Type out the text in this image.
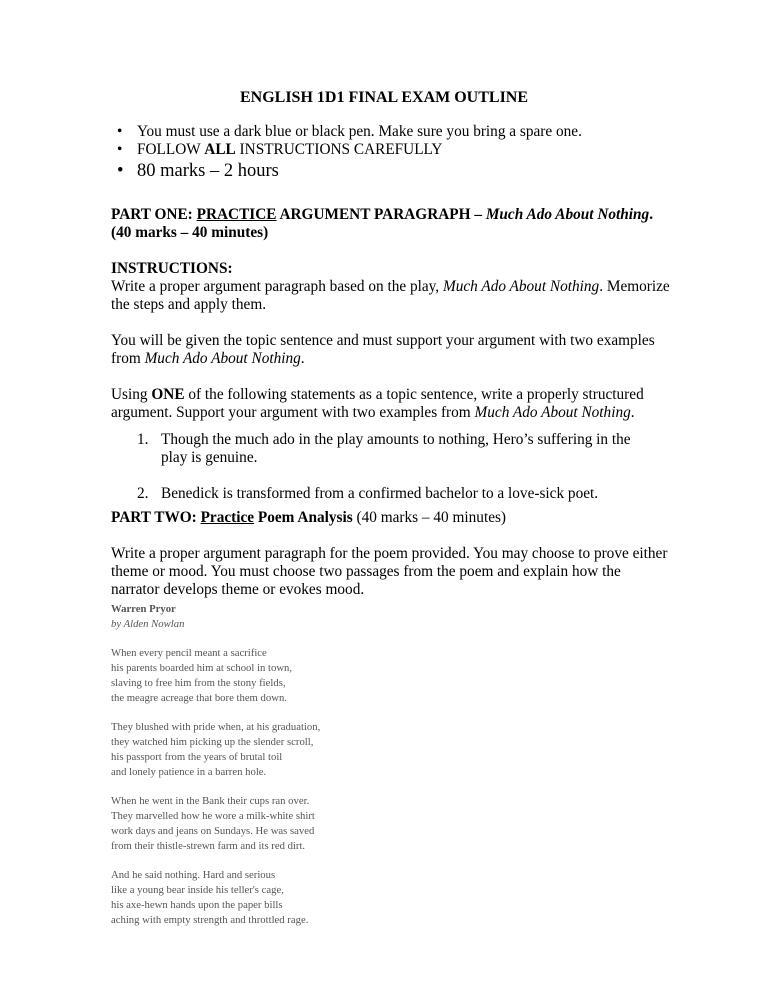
ENGLISH 1D1 FINAL EXAM OUTLINE
• You must use a dark blue or black pen. Make sure you bring a spare one.
• FOLLOW ALL INSTRUCTIONS CAREFULLY
• 80 marks – 2 hours
PART ONE: PRACTICE ARGUMENT PARAGRAPH – Much Ado About Nothing. (40 marks – 40 minutes)

INSTRUCTIONS:

Write a proper argument paragraph based on the play, Much Ado About Nothing. Memorize the steps and apply them.

You will be given the topic sentence and must support your argument with two examples from Much Ado About Nothing.

Using ONE of the following statements as a topic sentence, write a properly structured argument. Support your argument with two examples from Much Ado About Nothing.

1. Though the much ado in the play amounts to nothing, Hero’s suffering in the play is genuine.
2. Benedick is transformed from a confirmed bachelor to a love-sick poet.
PART TWO: Practice Poem Analysis (40 marks – 40 minutes)
Write a proper argument paragraph for the poem provided. You may choose to prove either theme or mood. You must choose two passages from the poem and explain how the narrator develops theme or evokes mood.
Warren Pryor
by Alden Nowlan
When every pencil meant a sacrifice
his parents boarded him at school in town,
slaving to free him from the stony fields,
the meagre acreage that bore them down.
They blushed with pride when, at his graduation,
they watched him picking up the slender scroll,
his passport from the years of brutal toil
and lonely patience in a barren hole.
When he went in the Bank their cups ran over.
They marvelled how he wore a milk-white shirt
work days and jeans on Sundays. He was saved
from their thistle-strewn farm and its red dirt.
And he said nothing. Hard and serious
like a young bear inside his teller's cage,
his axe-hewn hands upon the paper bills
aching with empty strength and throttled rage.
